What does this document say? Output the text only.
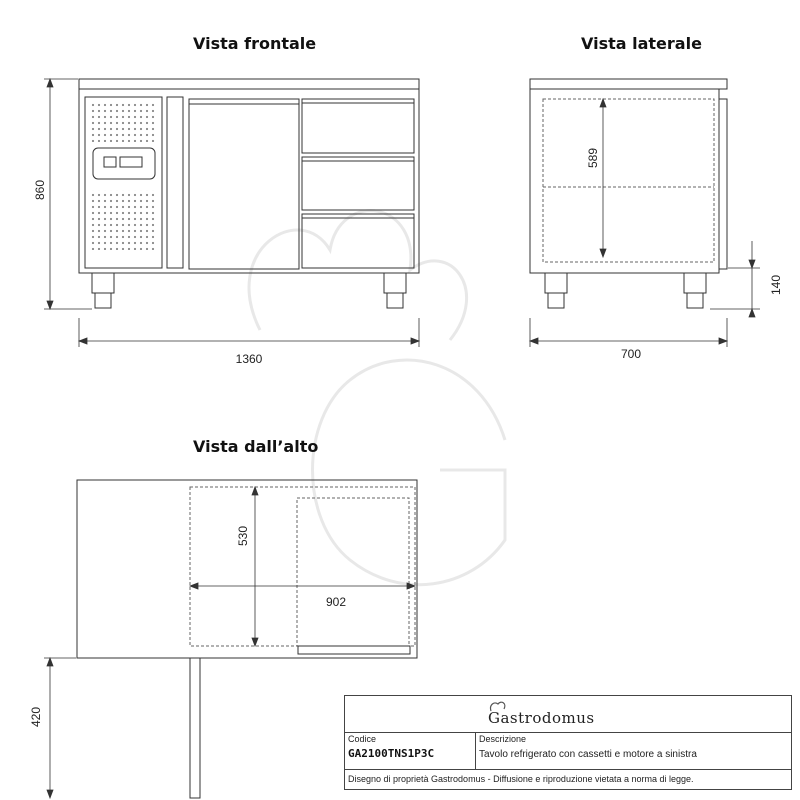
860
1360
589
140
700
530
902
420
Vista frontale	Vista laterale
Vista dall’alto
Gastrodomus
Codice
GA2100TNS1P3C
Descrizione
Tavolo refrigerato con cassetti e motore a sinistra
Disegno di proprietà Gastrodomus - Diffusione e riproduzione vietata a norma di legge.
